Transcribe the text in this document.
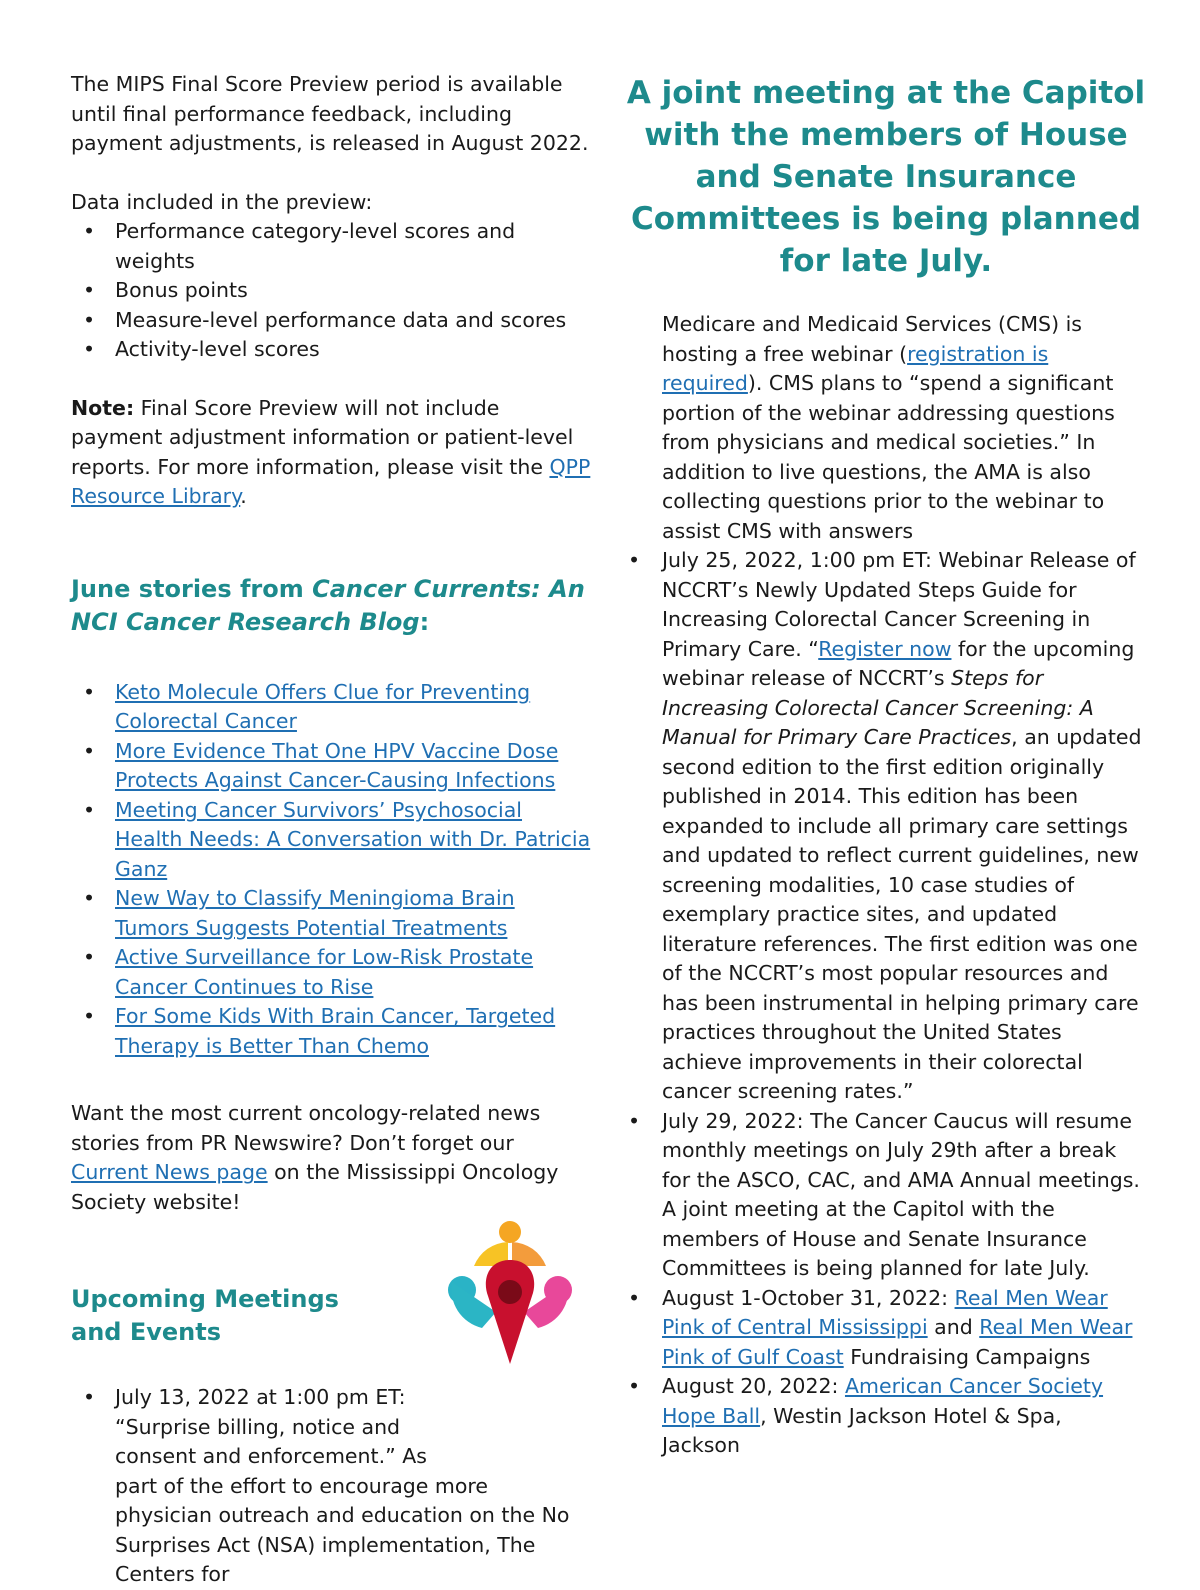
The MIPS Final Score Preview period is available until final performance feedback, including payment adjustments, is released in August 2022.

Data included in the preview:

• Performance category-level scores and weights
• Bonus points
• Measure-level performance data and scores
• Activity-level scores

Note: Final Score Preview will not include payment adjustment information or patient-level reports. For more information, please visit the QPP Resource Library.

June stories from Cancer Currents: An NCI Cancer Research Blog:

• Keto Molecule Offers Clue for Preventing Colorectal Cancer
• More Evidence That One HPV Vaccine Dose Protects Against Cancer-Causing Infections
• Meeting Cancer Survivors’ Psychosocial Health Needs: A Conversation with Dr. Patricia Ganz
• New Way to Classify Meningioma Brain Tumors Suggests Potential Treatments
• Active Surveillance for Low-Risk Prostate Cancer Continues to Rise
• For Some Kids With Brain Cancer, Targeted Therapy is Better Than Chemo

Want the most current oncology-related news stories from PR Newswire? Don’t forget our Current News page on the Mississippi Oncology Society website!

Upcoming Meetings
and Events

• July 13, 2022 at 1:00 pm ET: “Surprise billing, notice and consent and enforcement.” As part of the effort to encourage more physician outreach and education on the No Surprises Act (NSA) implementation, The Centers for

A joint meeting at the Capitol with the members of House and Senate Insurance Committees is being planned for late July.

Medicare and Medicaid Services (CMS) is hosting a free webinar (registration is required). CMS plans to “spend a significant portion of the webinar addressing questions from physicians and medical societies.” In addition to live questions, the AMA is also collecting questions prior to the webinar to assist CMS with answers

• July 25, 2022, 1:00 pm ET: Webinar Release of NCCRT’s Newly Updated Steps Guide for Increasing Colorectal Cancer Screening in Primary Care. “Register now for the upcoming webinar release of NCCRT’s Steps for Increasing Colorectal Cancer Screening: A Manual for Primary Care Practices, an updated second edition to the first edition originally published in 2014. This edition has been expanded to include all primary care settings and updated to reflect current guidelines, new screening modalities, 10 case studies of exemplary practice sites, and updated literature references. The first edition was one of the NCCRT’s most popular resources and has been instrumental in helping primary care practices throughout the United States achieve improvements in their colorectal cancer screening rates.”
• July 29, 2022: The Cancer Caucus will resume monthly meetings on July 29th after a break for the ASCO, CAC, and AMA Annual meetings. A joint meeting at the Capitol with the members of House and Senate Insurance Committees is being planned for late July.
• August 1-October 31, 2022: Real Men Wear Pink of Central Mississippi and Real Men Wear Pink of Gulf Coast Fundraising Campaigns
• August 20, 2022: American Cancer Society Hope Ball, Westin Jackson Hotel & Spa, Jackson
